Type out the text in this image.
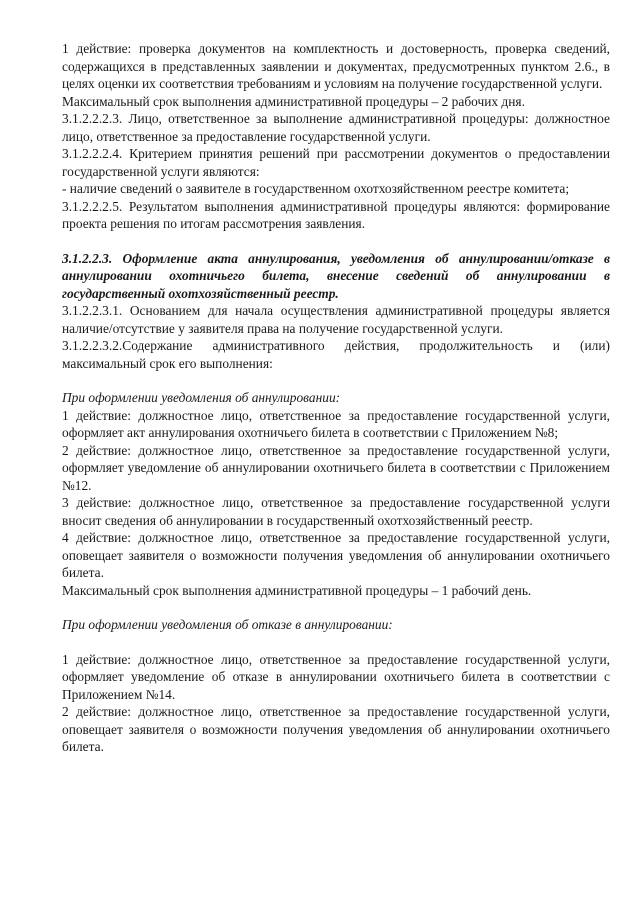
1 действие: проверка документов на комплектность и достоверность, проверка сведений, содержащихся в представленных заявлении и документах, предусмотренных пунктом 2.6., в целях оценки их соответствия требованиям и условиям на получение государственной услуги.

Максимальный срок выполнения административной процедуры – 2 рабочих дня.

3.1.2.2.2.3. Лицо, ответственное за выполнение административной процедуры: должностное лицо, ответственное за предоставление государственной услуги.

3.1.2.2.2.4. Критерием принятия решений при рассмотрении документов о предоставлении государственной услуги являются:

- наличие сведений о заявителе в государственном охотхозяйственном реестре комитета;

3.1.2.2.2.5. Результатом выполнения административной процедуры являются: формирование проекта решения по итогам рассмотрения заявления.

3.1.2.2.3. Оформление акта аннулирования, уведомления об аннулировании/отказе в аннулировании охотничьего билета, внесение сведений об аннулировании в государственный охотхозяйственный реестр.

3.1.2.2.3.1. Основанием для начала осуществления административной процедуры является наличие/отсутствие у заявителя права на получение государственной услуги.

3.1.2.2.3.2.Содержание административного действия, продолжительность и (или) максимальный срок его выполнения:

При оформлении уведомления об аннулировании:

1 действие: должностное лицо, ответственное за предоставление государственной услуги, оформляет акт аннулирования охотничьего билета в соответствии с Приложением №8;

2 действие: должностное лицо, ответственное за предоставление государственной услуги, оформляет уведомление об аннулировании охотничьего билета в соответствии с Приложением №12.

3 действие: должностное лицо, ответственное за предоставление государственной услуги вносит сведения об аннулировании в государственный охотхозяйственный реестр.

4 действие: должностное лицо, ответственное за предоставление государственной услуги, оповещает заявителя о возможности получения уведомления об аннулировании охотничьего билета.

Максимальный срок выполнения административной процедуры – 1 рабочий день.

При оформлении уведомления об отказе в аннулировании:

1 действие: должностное лицо, ответственное за предоставление государственной услуги, оформляет уведомление об отказе в аннулировании охотничьего билета в соответствии с Приложением №14.

2 действие: должностное лицо, ответственное за предоставление государственной услуги, оповещает заявителя о возможности получения уведомления об аннулировании охотничьего билета.
